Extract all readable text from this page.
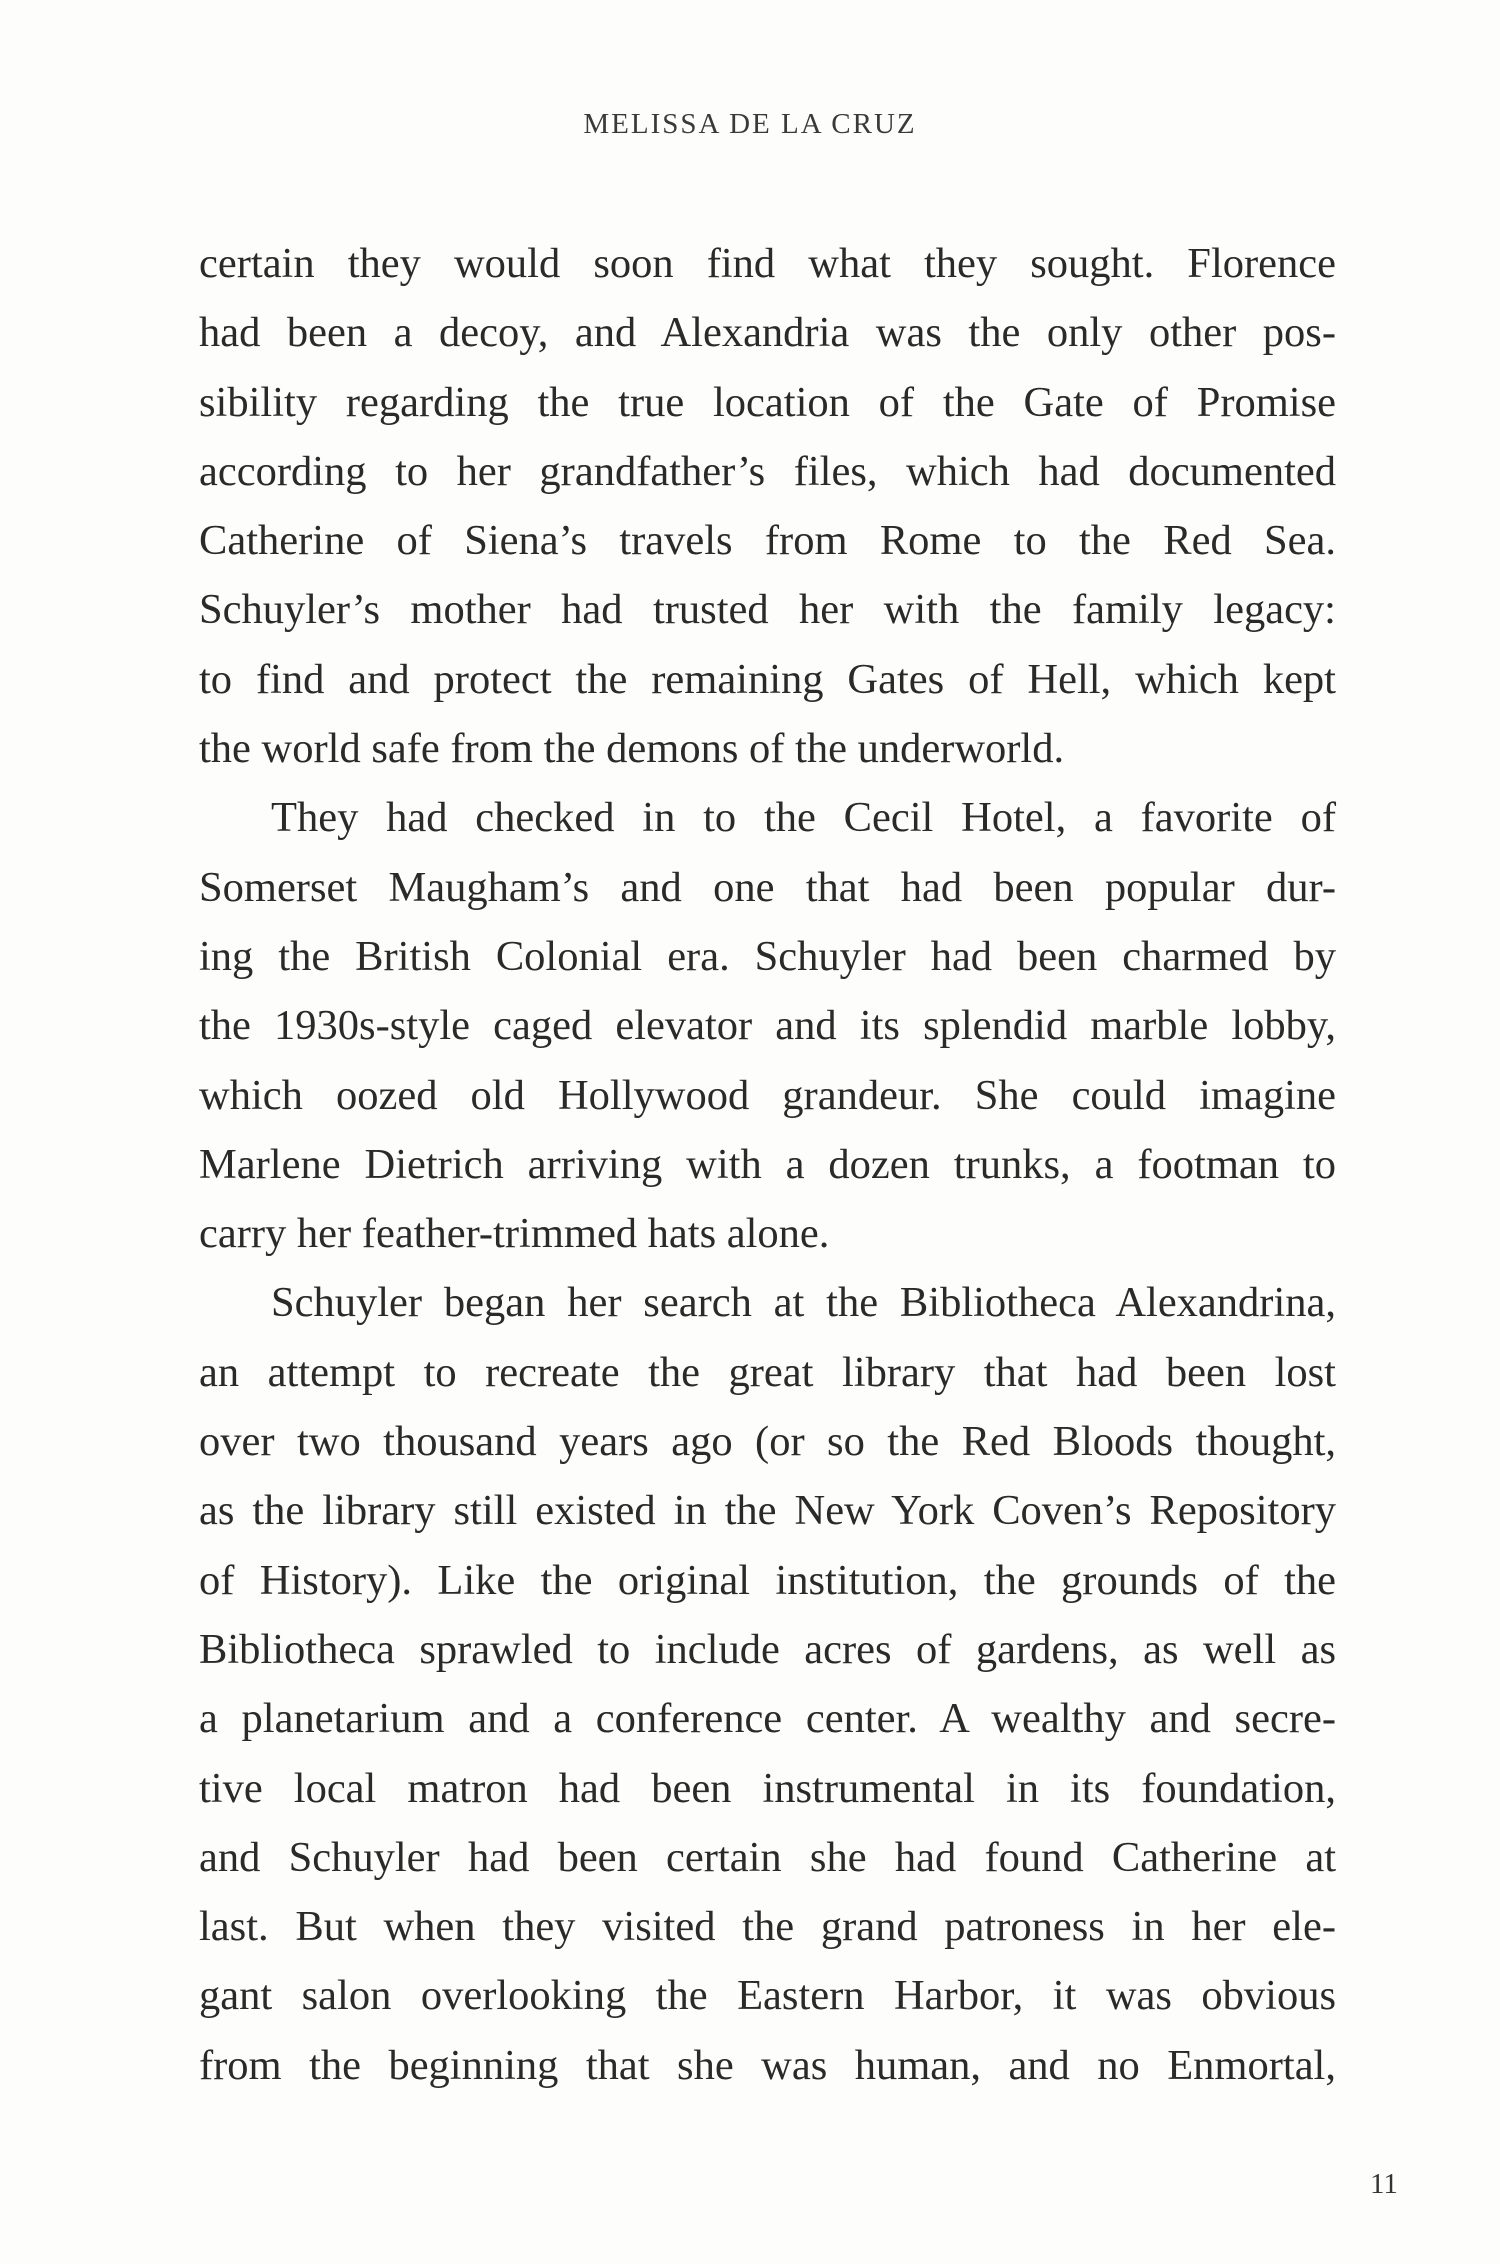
MELISSA DE LA CRUZ
certain they would soon find what they sought. Florence
had been a decoy, and Alexandria was the only other pos-
sibility regarding the true location of the Gate of Promise
according to her grandfather’s files, which had documented
Catherine of Siena’s travels from Rome to the Red Sea.
Schuyler’s mother had trusted her with the family legacy:
to find and protect the remaining Gates of Hell, which kept
the world safe from the demons of the underworld.
They had checked in to the Cecil Hotel, a favorite of
Somerset Maugham’s and one that had been popular dur-
ing the British Colonial era. Schuyler had been charmed by
the 1930s-style caged elevator and its splendid marble lobby,
which oozed old Hollywood grandeur. She could imagine
Marlene Dietrich arriving with a dozen trunks, a footman to
carry her feather-trimmed hats alone.
Schuyler began her search at the Bibliotheca Alexandrina,
an attempt to recreate the great library that had been lost
over two thousand years ago (or so the Red Bloods thought,
as the library still existed in the New York Coven’s Repository
of History). Like the original institution, the grounds of the
Bibliotheca sprawled to include acres of gardens, as well as
a planetarium and a conference center. A wealthy and secre-
tive local matron had been instrumental in its foundation,
and Schuyler had been certain she had found Catherine at
last. But when they visited the grand patroness in her ele-
gant salon overlooking the Eastern Harbor, it was obvious
from the beginning that she was human, and no Enmortal,
11
